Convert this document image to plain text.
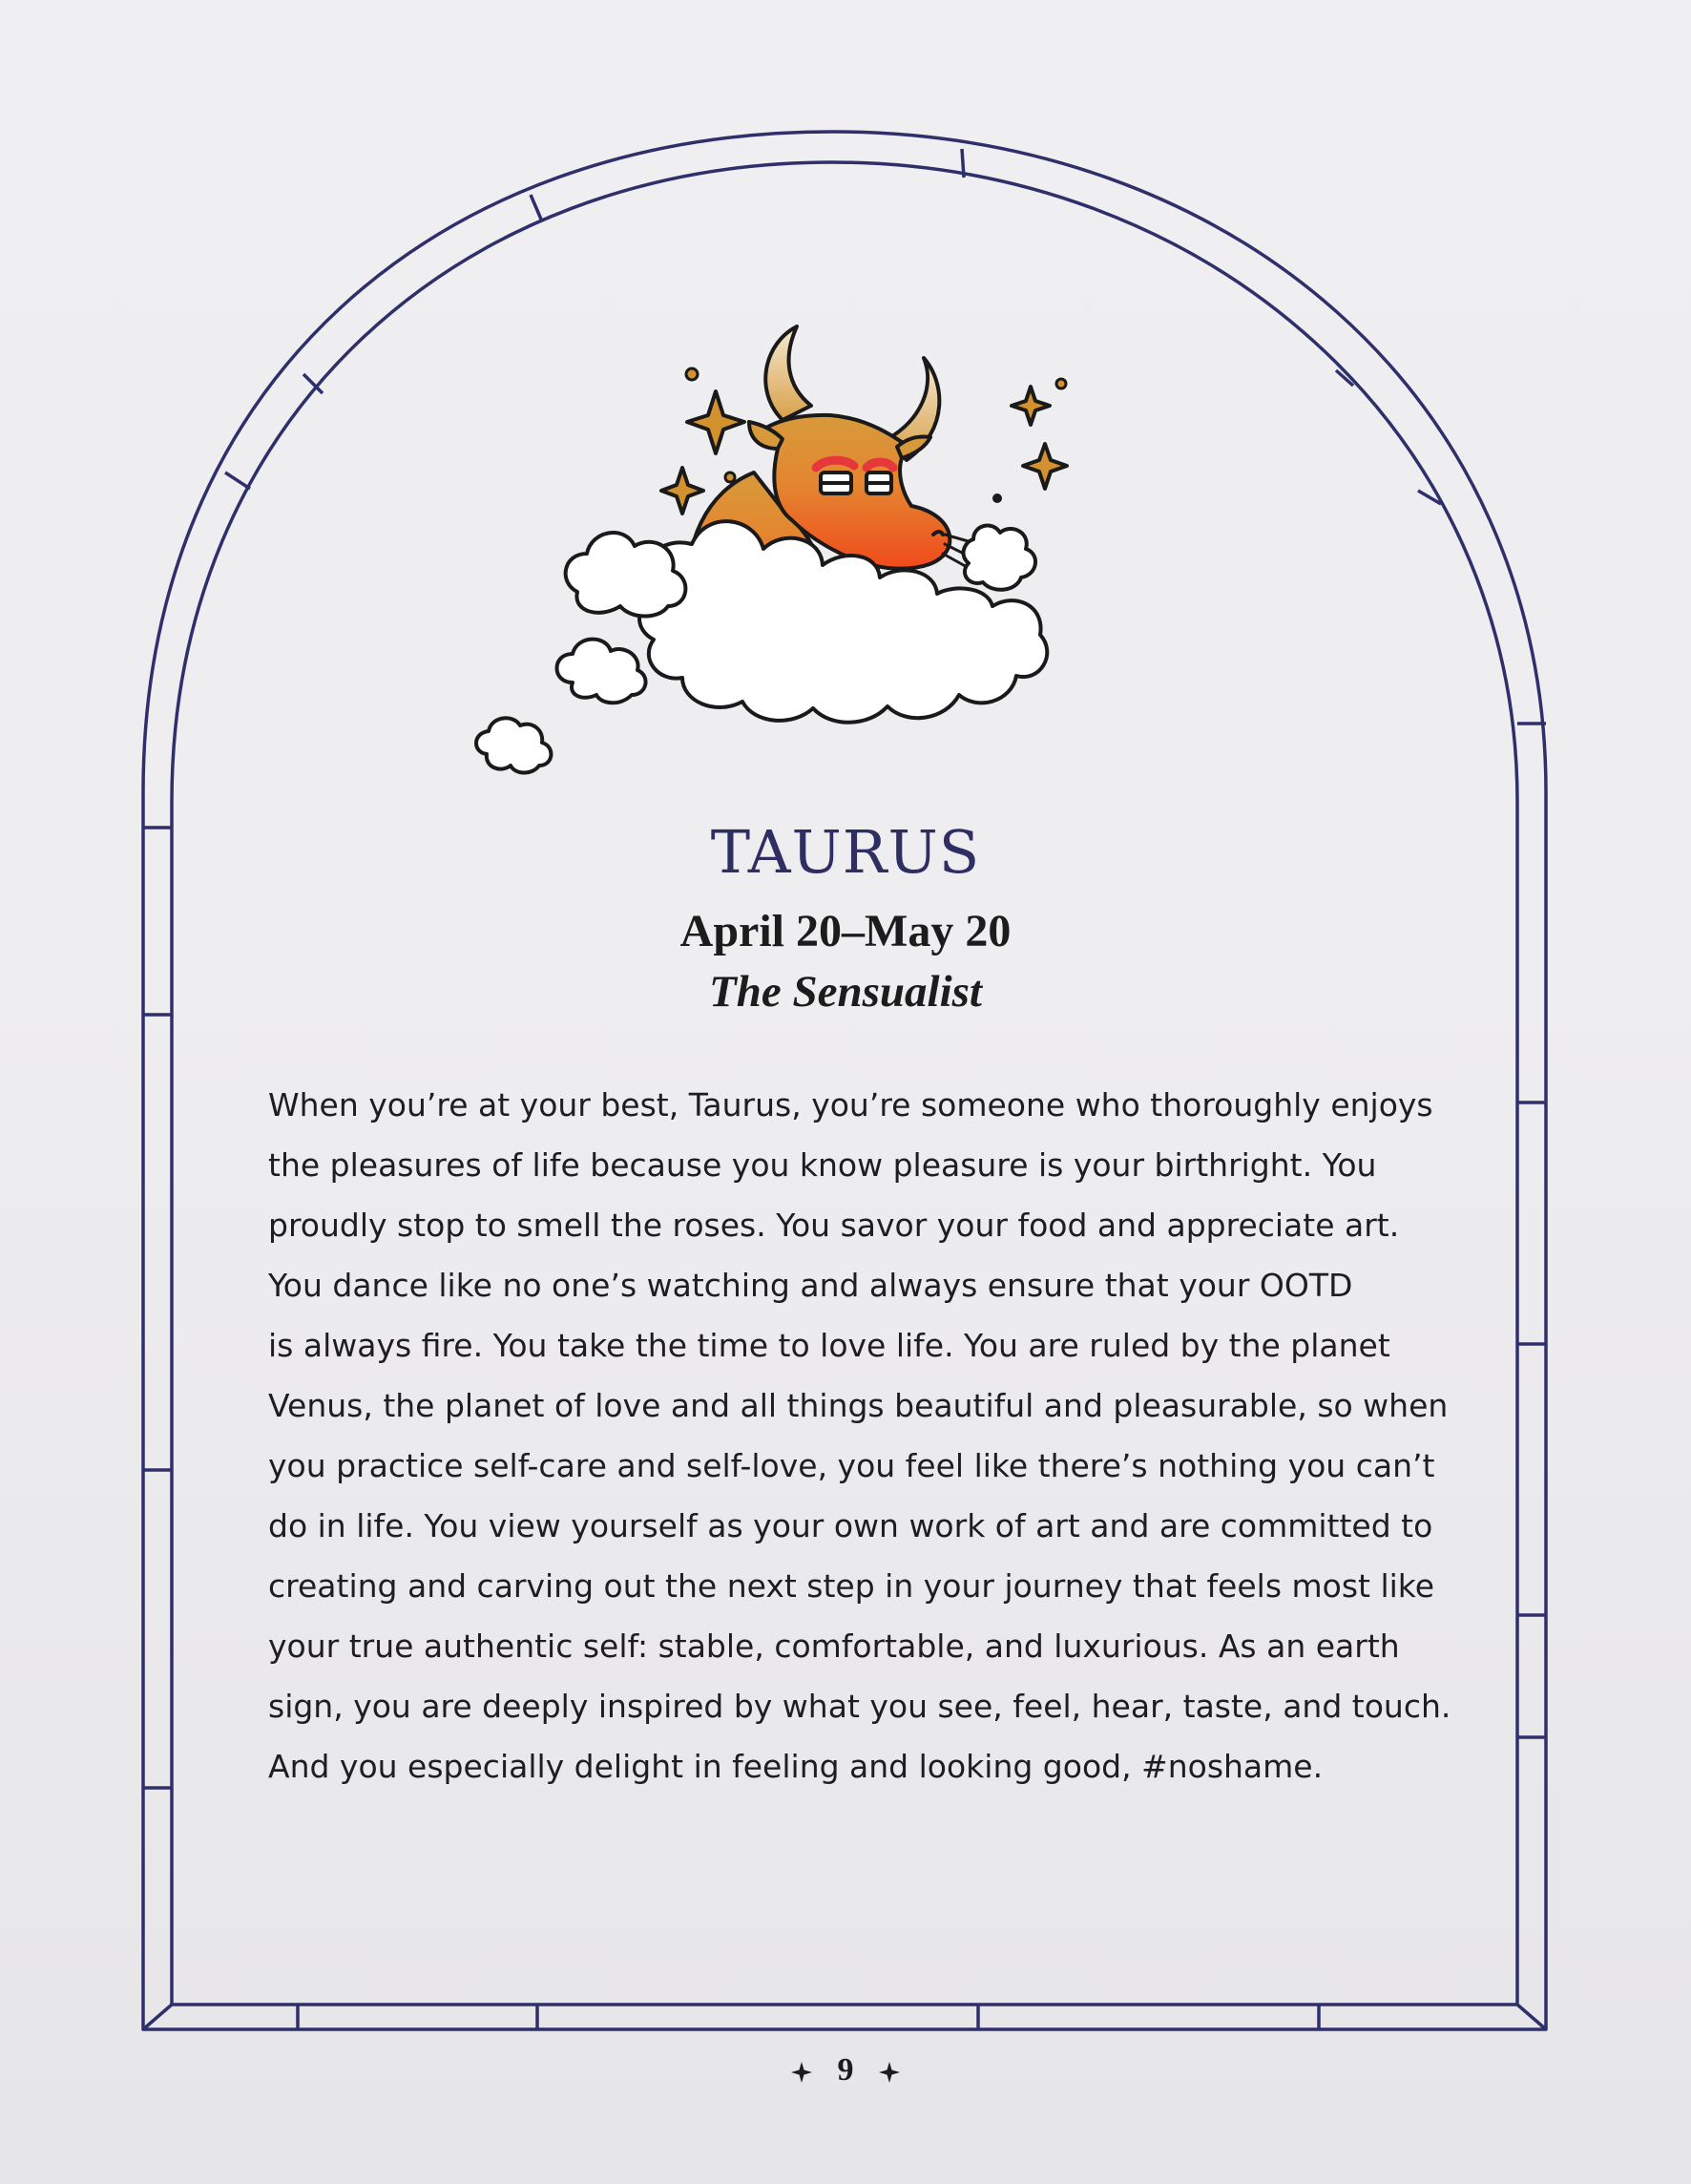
TAURUS
April 20–May 20
The Sensualist
When you’re at your best, Taurus, you’re someone who thoroughly enjoys
the pleasures of life because you know pleasure is your birthright. You
proudly stop to smell the roses. You savor your food and appreciate art.
You dance like no one’s watching and always ensure that your OOTD
is always fire. You take the time to love life. You are ruled by the planet
Venus, the planet of love and all things beautiful and pleasurable, so when
you practice self-care and self-love, you feel like there’s nothing you can’t
do in life. You view yourself as your own work of art and are committed to
creating and carving out the next step in your journey that feels most like
your true authentic self: stable, comfortable, and luxurious. As an earth
sign, you are deeply inspired by what you see, feel, hear, taste, and touch.
And you especially delight in feeling and looking good, #noshame.
9
